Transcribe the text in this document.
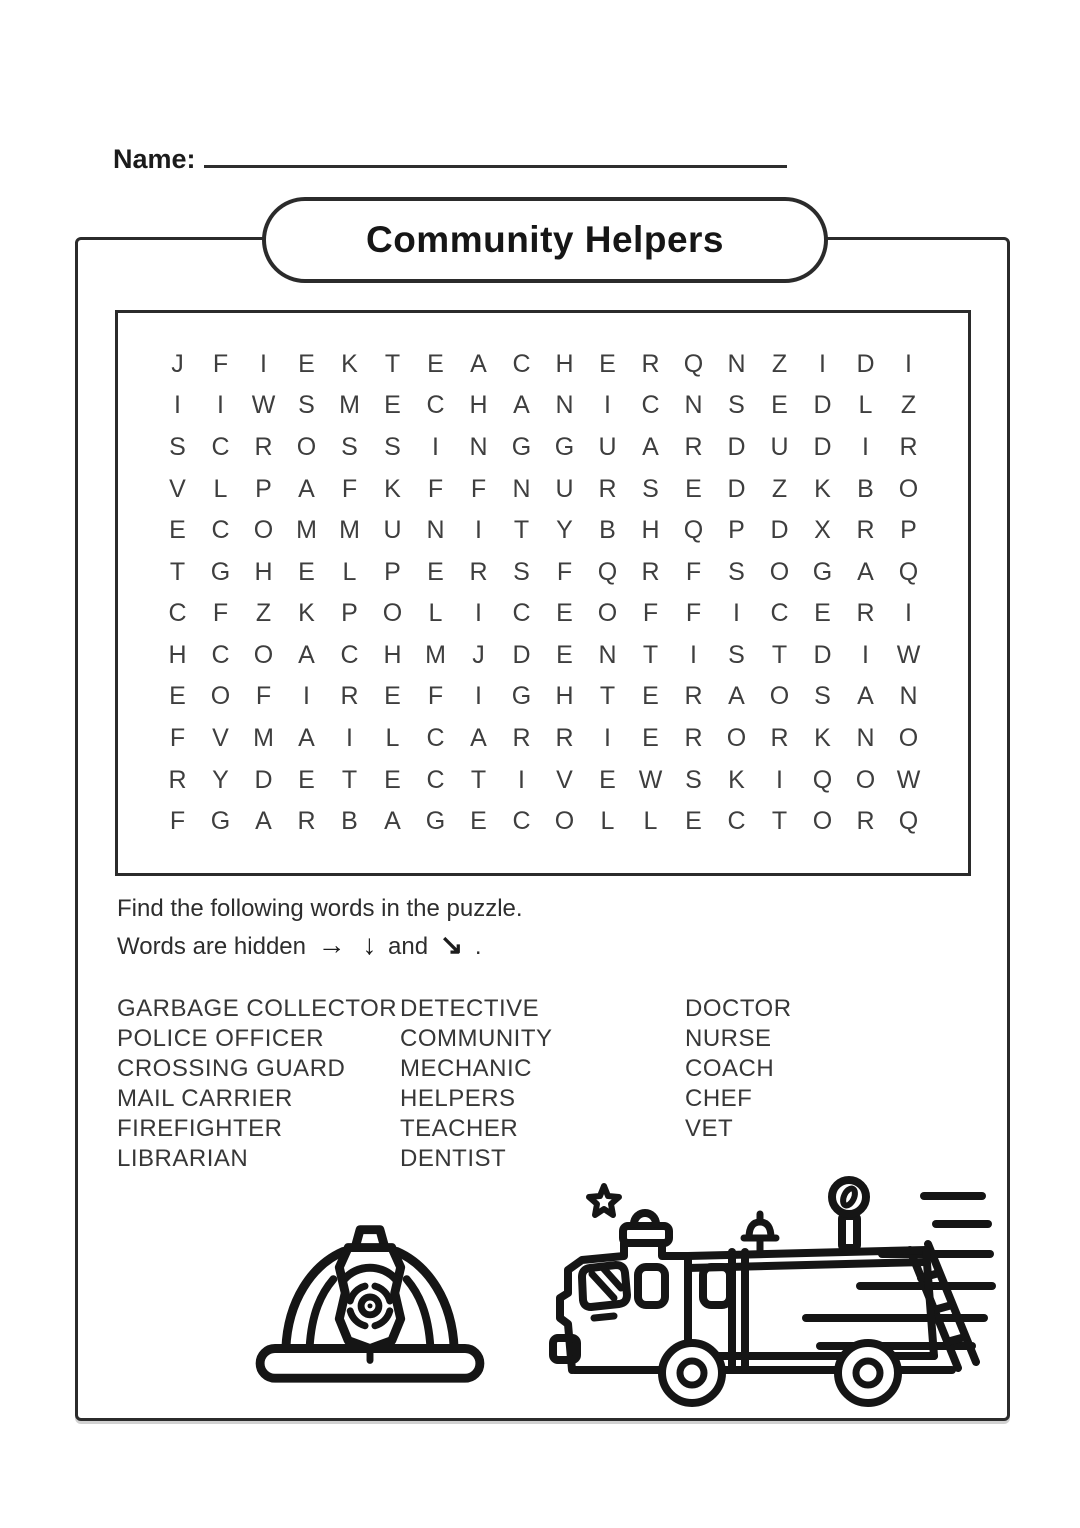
Name:
Community Helpers
J	F	I	E	K	T	E	A	C H	E	R Q N	Z	I	D	I
I	I	W S M E	C H	A	N	I	C N	S	E	D	L	Z
S	C R O S	S	I	N G G U	A	R D U D	I	R
V	L	P	A	F	K	F	F	N U R	S	E	D	Z	K	B O
E	C O M M U N	I	T	Y	B	H Q P	D	X	R	P
T	G H	E	L	P	E	R	S	F	Q R	F	S O G A Q
C	F	Z	K	P O	L	I	C	E O	F	F	I	C	E	R	I
H C O A	C H M	J	D	E	N	T	I	S	T	D	I	W
E O	F	I	R	E	F	I	G H	T	E	R	A O S	A	N
F	V M A	I	L	C	A	R R	I	E	R O R	K	N O
R	Y	D	E	T	E	C	T	I	V	E W S	K	I	Q O W
F	G A	R	B	A G E	C O	L	L	E	C	T	O R Q
Find the following words in the puzzle.
Words are hidden → ↓ and ↘ .
GARBAGE COLLECTOR
POLICE OFFICER
CROSSING GUARD
MAIL CARRIER
FIREFIGHTER
LIBRARIAN
DETECTIVE
COMMUNITY
MECHANIC
HELPERS
TEACHER
DENTIST
DOCTOR
NURSE
COACH
CHEF
VET
